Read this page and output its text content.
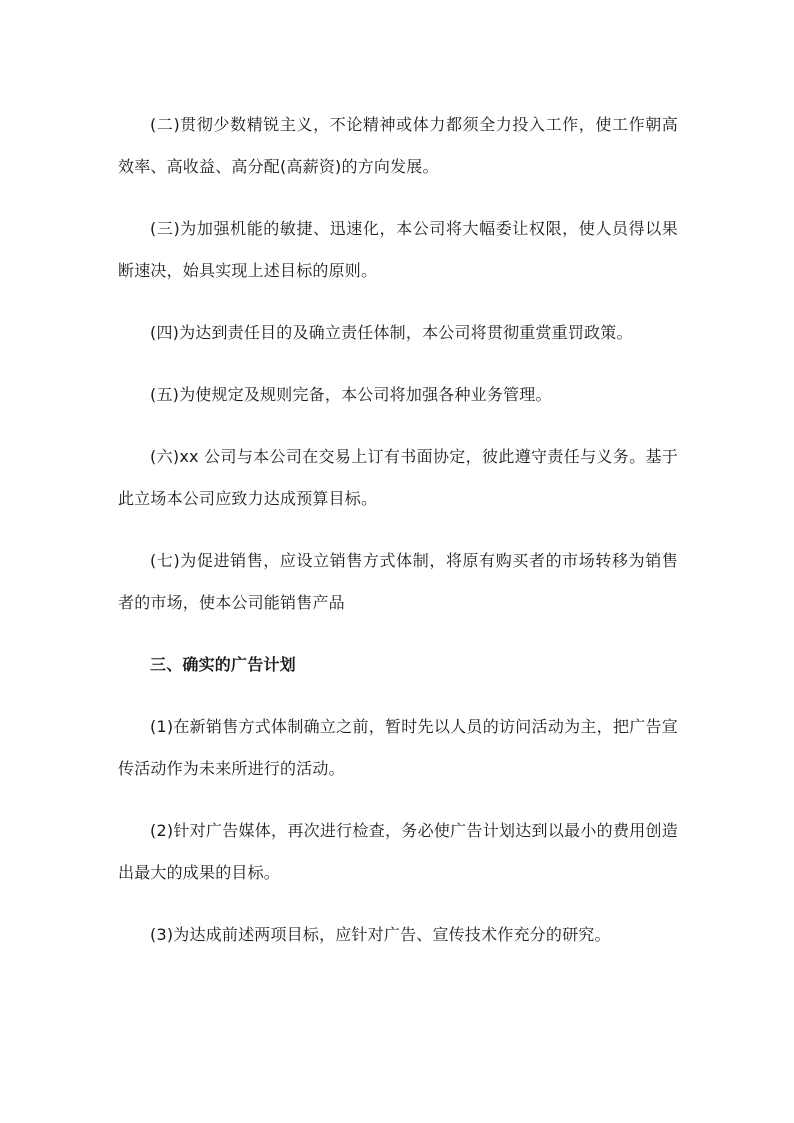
(二)贯彻少数精锐主义，不论精神或体力都须全力投入工作，使工作朝高效率、高收益、高分配(高薪资)的方向发展。

(三)为加强机能的敏捷、迅速化，本公司将大幅委让权限，使人员得以果断速决，始具实现上述目标的原则。

(四)为达到责任目的及确立责任体制，本公司将贯彻重赏重罚政策。

(五)为使规定及规则完备，本公司将加强各种业务管理。

(六)xx 公司与本公司在交易上订有书面协定，彼此遵守责任与义务。基于此立场本公司应致力达成预算目标。

(七)为促进销售，应设立销售方式体制，将原有购买者的市场转移为销售者的市场，使本公司能销售产品

三、确实的广告计划

(1)在新销售方式体制确立之前，暂时先以人员的访问活动为主，把广告宣传活动作为未来所进行的活动。

(2)针对广告媒体，再次进行检查，务必使广告计划达到以最小的费用创造出最大的成果的目标。

(3)为达成前述两项目标，应针对广告、宣传技术作充分的研究。
